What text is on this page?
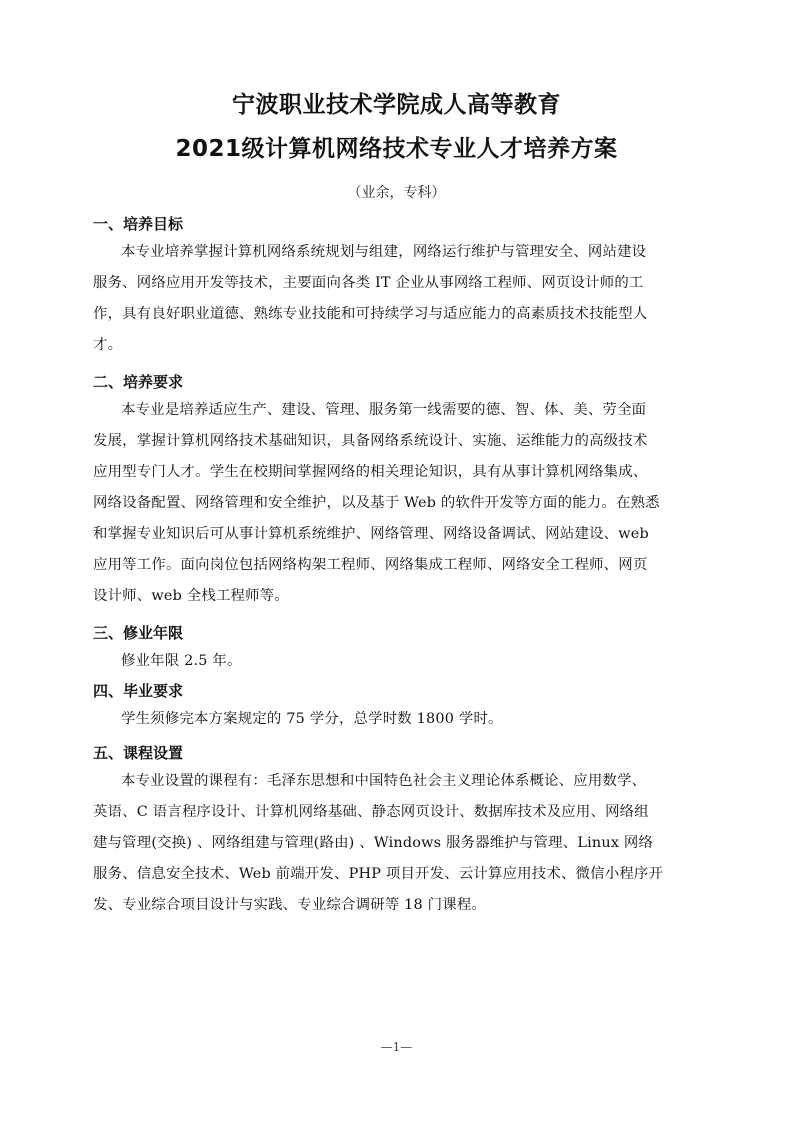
宁波职业技术学院成人高等教育
2021级计算机网络技术专业人才培养方案
（业余，专科）
一、培养目标
本专业培养掌握计算机网络系统规划与组建，网络运行维护与管理安全、网站建设
服务、网络应用开发等技术，主要面向各类 IT 企业从事网络工程师、网页设计师的工
作，具有良好职业道德、熟练专业技能和可持续学习与适应能力的高素质技术技能型人
才。
二、培养要求
本专业是培养适应生产、建设、管理、服务第一线需要的德、智、体、美、劳全面
发展，掌握计算机网络技术基础知识，具备网络系统设计、实施、运维能力的高级技术
应用型专门人才。学生在校期间掌握网络的相关理论知识，具有从事计算机网络集成、
网络设备配置、网络管理和安全维护，以及基于 Web 的软件开发等方面的能力。在熟悉
和掌握专业知识后可从事计算机系统维护、网络管理、网络设备调试、网站建设、web
应用等工作。面向岗位包括网络构架工程师、网络集成工程师、网络安全工程师、网页
设计师、web 全栈工程师等。
三、修业年限
修业年限 2.5 年。
四、毕业要求
学生须修完本方案规定的 75 学分，总学时数 1800 学时。
五、课程设置
本专业设置的课程有：毛泽东思想和中国特色社会主义理论体系概论、应用数学、
英语、C 语言程序设计、计算机网络基础、静态网页设计、数据库技术及应用、网络组
建与管理(交换) 、网络组建与管理(路由) 、Windows 服务器维护与管理、Linux 网络
服务、信息安全技术、Web 前端开发、PHP 项目开发、云计算应用技术、微信小程序开
发、专业综合项目设计与实践、专业综合调研等 18 门课程。
—1—
